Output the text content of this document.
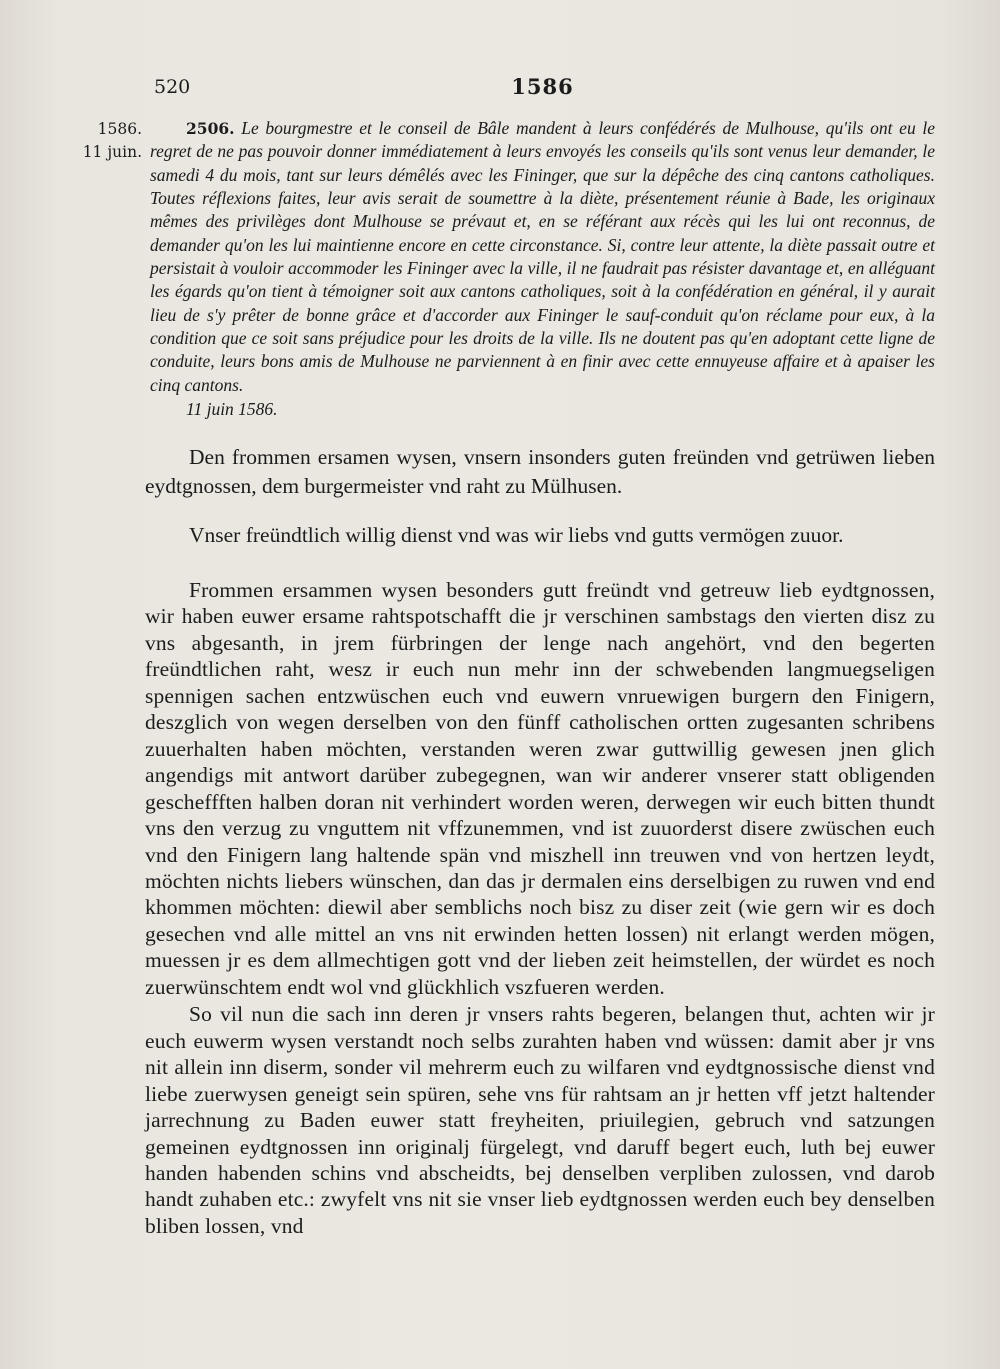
520	1586
1586.
11 juin.
2506. Le bourgmestre et le conseil de Bâle mandent à leurs confédérés de Mulhouse, qu'ils ont eu le regret de ne pas pouvoir donner immédiatement à leurs envoyés les conseils qu'ils sont venus leur demander, le samedi 4 du mois, tant sur leurs démêlés avec les Fininger, que sur la dépêche des cinq cantons catholiques. Toutes réflexions faites, leur avis serait de soumettre à la diète, présentement réunie à Bade, les originaux mêmes des privilèges dont Mulhouse se prévaut et, en se référant aux récès qui les lui ont reconnus, de demander qu'on les lui maintienne encore en cette circonstance. Si, contre leur attente, la diète passait outre et persistait à vouloir accommoder les Fininger avec la ville, il ne faudrait pas résister davantage et, en alléguant les égards qu'on tient à témoigner soit aux cantons catholiques, soit à la confédération en général, il y aurait lieu de s'y prêter de bonne grâce et d'accorder aux Fininger le sauf-conduit qu'on réclame pour eux, à la condition que ce soit sans préjudice pour les droits de la ville. Ils ne doutent pas qu'en adoptant cette ligne de conduite, leurs bons amis de Mulhouse ne parviennent à en finir avec cette ennuyeuse affaire et à apaiser les cinq cantons.
11 juin 1586.
Den frommen ersamen wysen, vnsern insonders guten freünden vnd getrüwen lieben eydtgnossen, dem burgermeister vnd raht zu Mülhusen.
Vnser freündtlich willig dienst vnd was wir liebs vnd gutts vermögen zuuor.

Frommen ersammen wysen besonders gutt freündt vnd getreuw lieb eydtgnossen, wir haben euwer ersame rahtspotschafft die jr verschinen sambstags den vierten disz zu vns abgesanth, in jrem fürbringen der lenge nach angehört, vnd den begerten freündtlichen raht, wesz ir euch nun mehr inn der schwebenden langmuegseligen spennigen sachen entzwüschen euch vnd euwern vnruewigen burgern den Finigern, deszglich von wegen derselben von den fünff catholischen ortten zugesanten schribens zuuerhalten haben möchten, verstanden weren zwar guttwillig gewesen jnen glich angendigs mit antwort darüber zubegegnen, wan wir anderer vnserer statt obligenden gescheffften halben doran nit verhindert worden weren, derwegen wir euch bitten thundt vns den verzug zu vnguttem nit vffzunemmen, vnd ist zuuorderst disere zwüschen euch vnd den Finigern lang haltende spän vnd miszhell inn treuwen vnd von hertzen leydt, möchten nichts liebers wünschen, dan das jr dermalen eins derselbigen zu ruwen vnd end khommen möchten: diewil aber semblichs noch bisz zu diser zeit (wie gern wir es doch gesechen vnd alle mittel an vns nit erwinden hetten lossen) nit erlangt werden mögen, muessen jr es dem allmechtigen gott vnd der lieben zeit heimstellen, der würdet es noch zuerwünschtem endt wol vnd glückhlich vszfueren werden.

So vil nun die sach inn deren jr vnsers rahts begeren, belangen thut, achten wir jr euch euwerm wysen verstandt noch selbs zurahten haben vnd wüssen: damit aber jr vns nit allein inn diserm, sonder vil mehrerm euch zu wilfaren vnd eydtgnossische dienst vnd liebe zuerwysen geneigt sein spüren, sehe vns für rahtsam an jr hetten vff jetzt haltender jarrechnung zu Baden euwer statt freyheiten, priuilegien, gebruch vnd satzungen gemeinen eydtgnossen inn originalj fürgelegt, vnd daruff begert euch, luth bej euwer handen habenden schins vnd abscheidts, bej denselben verpliben zulossen, vnd darob handt zuhaben etc.: zwyfelt vns nit sie vnser lieb eydtgnossen werden euch bey denselben bliben lossen, vnd
